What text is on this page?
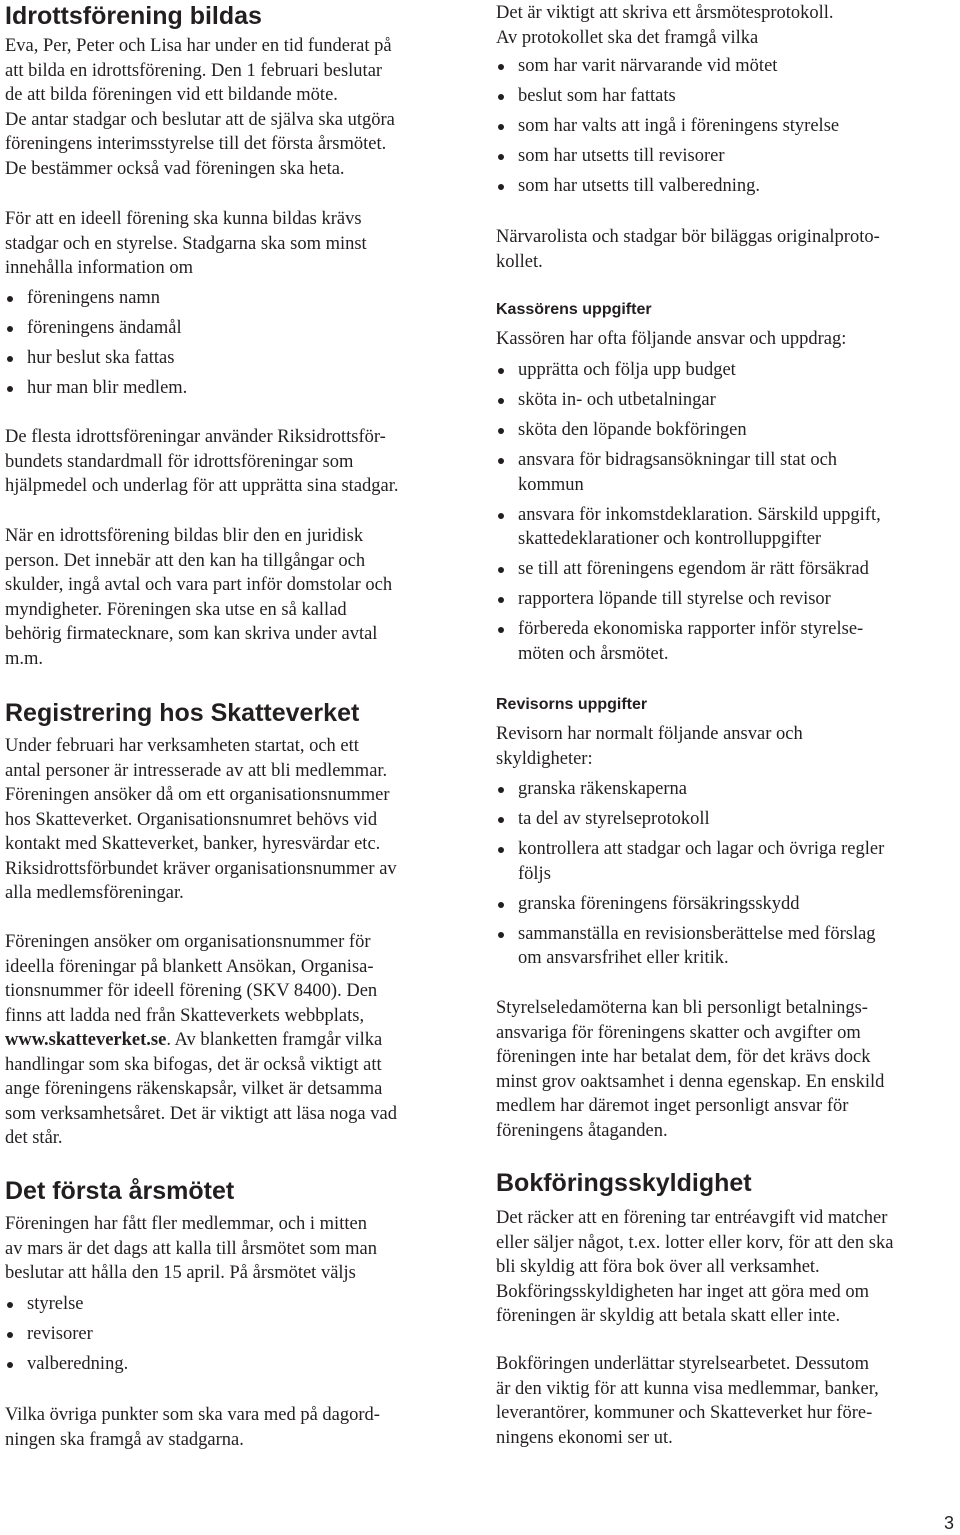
Idrottsförening bildas
Eva, Per, Peter och Lisa har under en tid funderat på
att bilda en idrottsförening. Den 1 februari beslutar
de att bilda föreningen vid ett bildande möte.
De antar stadgar och beslutar att de själva ska utgöra
föreningens interimsstyrelse till det första årsmötet.
De bestämmer också vad föreningen ska heta.
För att en ideell förening ska kunna bildas krävs
stadgar och en styrelse. Stadgarna ska som minst
innehålla information om
föreningens namn
föreningens ändamål
hur beslut ska fattas
hur man blir medlem.
De flesta idrottsföreningar använder Riksidrottsför-
bundets standardmall för idrottsföreningar som
hjälpmedel och underlag för att upprätta sina stadgar.
När en idrottsförening bildas blir den en juridisk
person. Det innebär att den kan ha tillgångar och
skulder, ingå avtal och vara part inför domstolar och
myndigheter. Föreningen ska utse en så kallad
behörig firmatecknare, som kan skriva under avtal
m.m.
Registrering hos Skatteverket
Under februari har verksamheten startat, och ett
antal personer är intresserade av att bli medlemmar.
Föreningen ansöker då om ett organisationsnummer
hos Skatteverket. Organisationsnumret behövs vid
kontakt med Skatteverket, banker, hyresvärdar etc.
Riksidrottsförbundet kräver organisationsnummer av
alla medlemsföreningar.
Föreningen ansöker om organisationsnummer för
ideella föreningar på blankett Ansökan, Organisa-
tionsnummer för ideell förening (SKV 8400). Den
finns att ladda ned från Skatteverkets webbplats,
www.skatteverket.se. Av blanketten framgår vilka
handlingar som ska bifogas, det är också viktigt att
ange föreningens räkenskapsår, vilket är detsamma
som verksamhetsåret. Det är viktigt att läsa noga vad
det står.
Det första årsmötet
Föreningen har fått fler medlemmar, och i mitten
av mars är det dags att kalla till årsmötet som man
beslutar att hålla den 15 april. På årsmötet väljs
styrelse
revisorer
valberedning.
Vilka övriga punkter som ska vara med på dagord-
ningen ska framgå av stadgarna.
Det är viktigt att skriva ett årsmötesprotokoll.
Av protokollet ska det framgå vilka
som har varit närvarande vid mötet
beslut som har fattats
som har valts att ingå i föreningens styrelse
som har utsetts till revisorer
som har utsetts till valberedning.
Närvarolista och stadgar bör biläggas originalproto-
kollet.
Kassörens uppgifter
Kassören har ofta följande ansvar och uppdrag:
upprätta och följa upp budget
sköta in- och utbetalningar
sköta den löpande bokföringen
ansvara för bidragsansökningar till stat och
kommun
ansvara för inkomstdeklaration. Särskild uppgift,
skattedeklarationer och kontrolluppgifter
se till att föreningens egendom är rätt försäkrad
rapportera löpande till styrelse och revisor
förbereda ekonomiska rapporter inför styrelse-
möten och årsmötet.
Revisorns uppgifter
Revisorn har normalt följande ansvar och
skyldigheter:
granska räkenskaperna
ta del av styrelseprotokoll
kontrollera att stadgar och lagar och övriga regler
följs
granska föreningens försäkringsskydd
sammanställa en revisionsberättelse med förslag
om ansvarsfrihet eller kritik.
Styrelseledamöterna kan bli personligt betalnings-
ansvariga för föreningens skatter och avgifter om
föreningen inte har betalat dem, för det krävs dock
minst grov oaktsamhet i denna egenskap. En enskild
medlem har däremot inget personligt ansvar för
föreningens åtaganden.
Bokföringsskyldighet
Det räcker att en förening tar entréavgift vid matcher
eller säljer något, t.ex. lotter eller korv, för att den ska
bli skyldig att föra bok över all verksamhet.
Bokföringsskyldigheten har inget att göra med om
föreningen är skyldig att betala skatt eller inte.
Bokföringen underlättar styrelsearbetet. Dessutom
är den viktig för att kunna visa medlemmar, banker,
leverantörer, kommuner och Skatteverket hur före-
ningens ekonomi ser ut.
3
